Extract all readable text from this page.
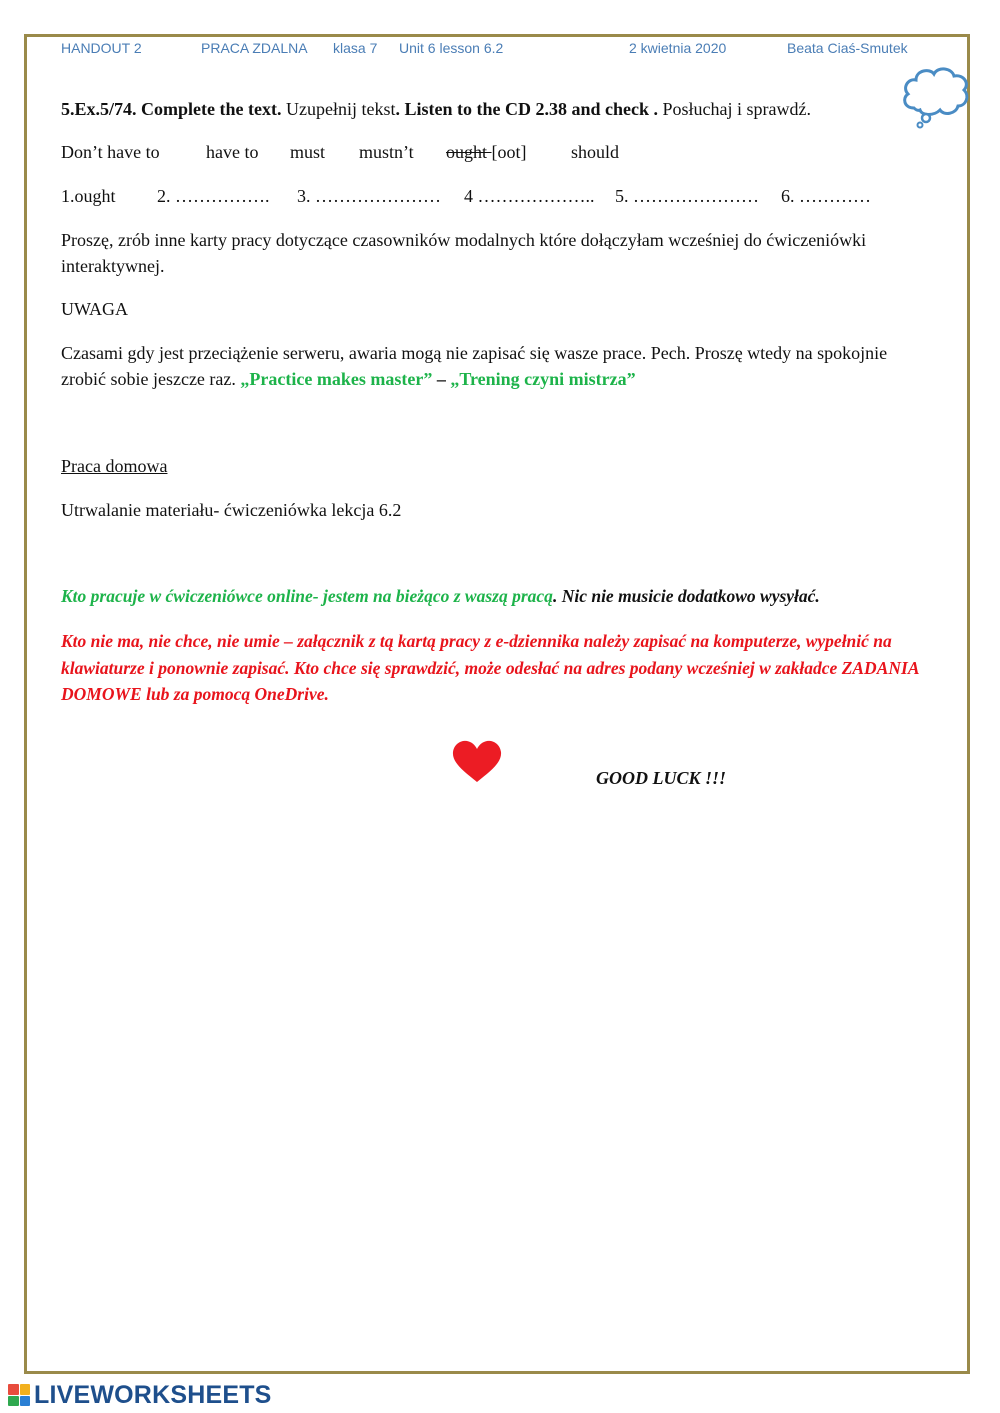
HANDOUT 2	PRACA ZDALNA klasa 7 Unit 6 lesson 6.2	2 kwietnia 2020	Beata Ciaś-Smutek
5.Ex.5/74. Complete the text. Uzupełnij tekst. Listen to the CD 2.38 and check . Posłuchaj i sprawdź.
Don’t have to	have to must mustn’t ought [oot] should
1.ought 2. ……………. 3. ………………… 4 ……………….. 5. ………………… 6. …………
Proszę, zrób inne karty pracy dotyczące czasowników modalnych które dołączyłam wcześniej do ćwiczeniówki interaktywnej.
UWAGA
Czasami gdy jest przeciążenie serweru, awaria mogą nie zapisać się wasze prace. Pech. Proszę wtedy na spokojnie zrobić sobie jeszcze raz. „Practice makes master” – „Trening czyni mistrza”
Praca domowa
Utrwalanie materiału- ćwiczeniówka lekcja 6.2
Kto pracuje w ćwiczeniówce online- jestem na bieżąco z waszą pracą. Nic nie musicie dodatkowo wysyłać.
Kto nie ma, nie chce, nie umie – załącznik z tą kartą pracy z e-dziennika należy zapisać na komputerze, wypełnić na klawiaturze i ponownie zapisać. Kto chce się sprawdzić, może odesłać na adres podany wcześniej w zakładce ZADANIA DOMOWE lub za pomocą OneDrive.
GOOD LUCK !!!
LIVEWORKSHEETS
